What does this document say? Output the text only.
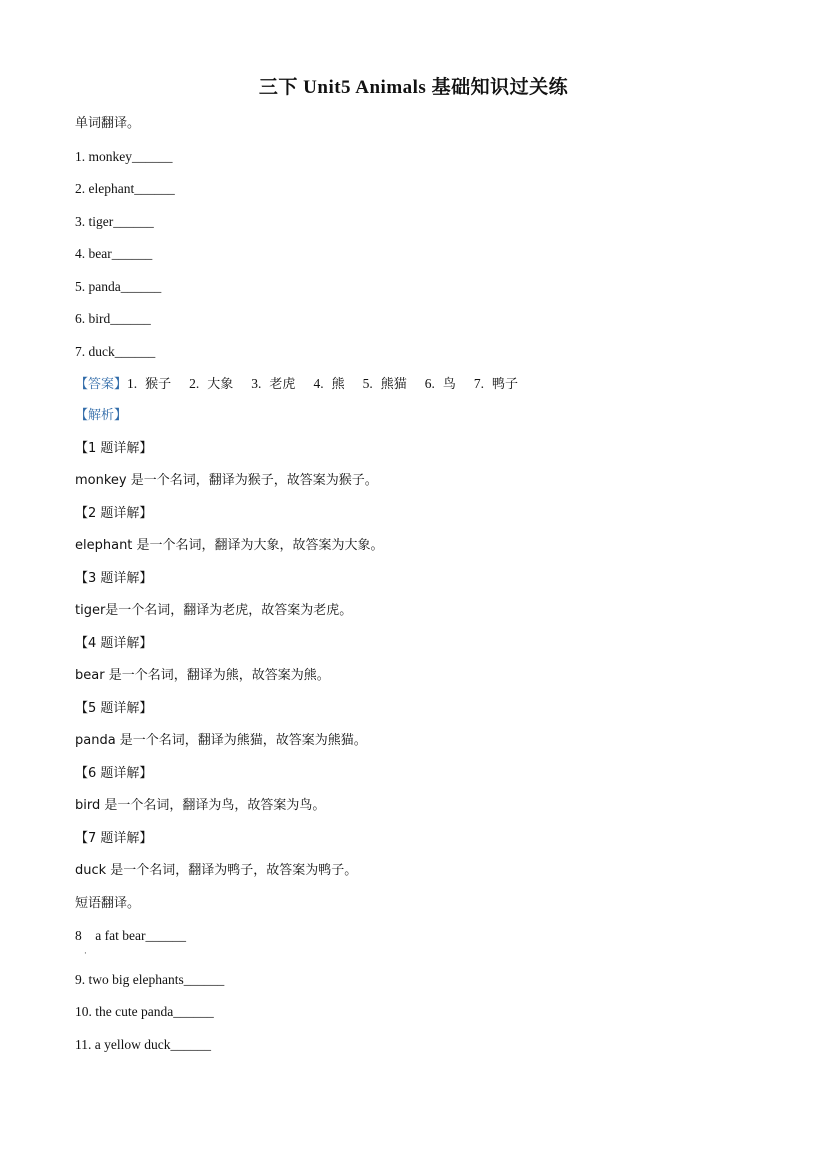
三下 Unit5 Animals 基础知识过关练
单词翻译。
1. monkey______
2. elephant______
3. tiger______
4. bear______
5. panda______
6. bird______
7. duck______
【答案】1. 猴子 2. 大象 3. 老虎 4. 熊 5. 熊猫 6. 鸟 7. 鸭子
【解析】
【1 题详解】
monkey 是一个名词，翻译为猴子，故答案为猴子。
【2 题详解】
elephant 是一个名词，翻译为大象，故答案为大象。
【3 题详解】
tiger是一个名词，翻译为老虎，故答案为老虎。
【4 题详解】
bear 是一个名词，翻译为熊，故答案为熊。
【5 题详解】
panda 是一个名词，翻译为熊猫，故答案为熊猫。
【6 题详解】
bird 是一个名词，翻译为鸟，故答案为鸟。
【7 题详解】
duck 是一个名词，翻译为鸭子，故答案为鸭子。
短语翻译。
8　a fat bear______
·
9. two big elephants______
10. the cute panda______
11. a yellow duck______
